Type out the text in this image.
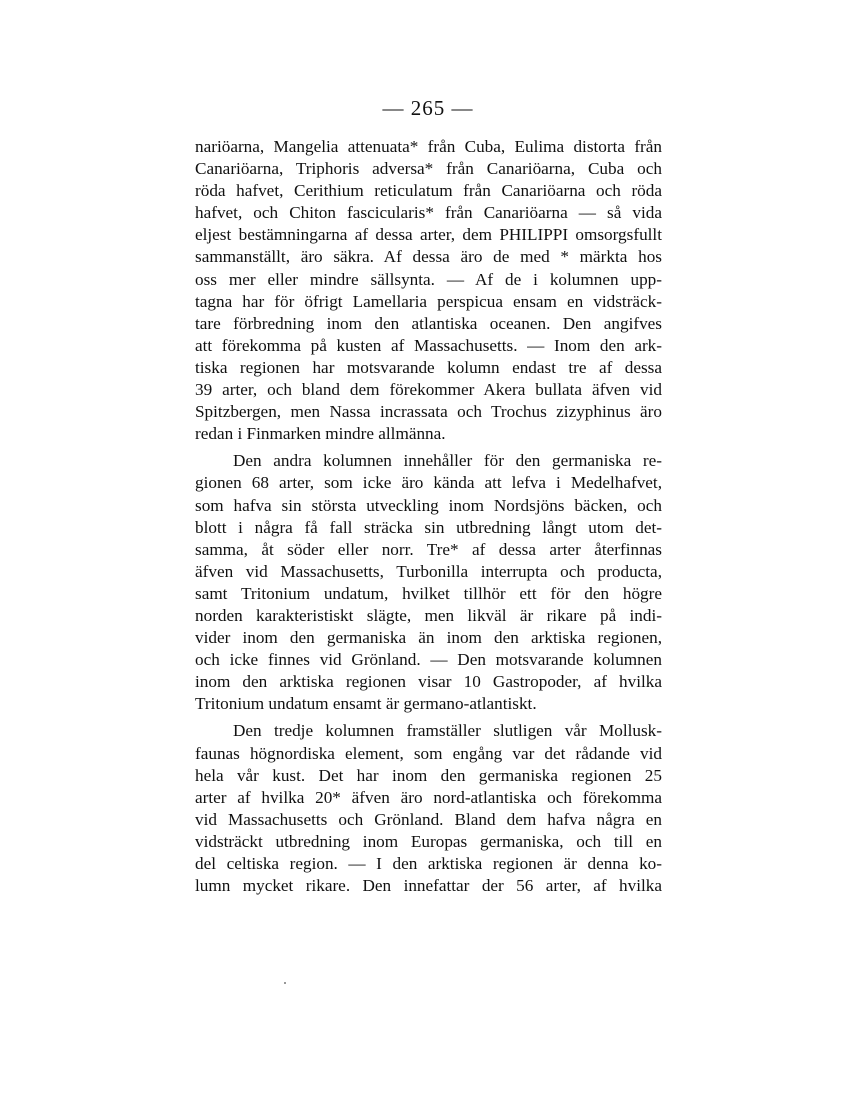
— 265 —
nariöarna, Mangelia attenuata* från Cuba, Eulima distorta från
Canariöarna, Triphoris adversa* från Canariöarna, Cuba och
röda hafvet, Cerithium reticulatum från Canariöarna och röda
hafvet, och Chiton fascicularis* från Canariöarna — så vida
eljest bestämningarna af dessa arter, dem PHILIPPI omsorgsfullt
sammanställt, äro säkra. Af dessa äro de med * märkta hos
oss mer eller mindre sällsynta. — Af de i kolumnen upp-
tagna har för öfrigt Lamellaria perspicua ensam en vidsträck-
tare förbredning inom den atlantiska oceanen. Den angifves
att förekomma på kusten af Massachusetts. — Inom den ark-
tiska regionen har motsvarande kolumn endast tre af dessa
39 arter, och bland dem förekommer Akera bullata äfven vid
Spitzbergen, men Nassa incrassata och Trochus zizyphinus äro
redan i Finmarken mindre allmänna.
Den andra kolumnen innehåller för den germaniska re-
gionen 68 arter, som icke äro kända att lefva i Medelhafvet,
som hafva sin största utveckling inom Nordsjöns bäcken, och
blott i några få fall sträcka sin utbredning långt utom det-
samma, åt söder eller norr. Tre* af dessa arter återfinnas
äfven vid Massachusetts, Turbonilla interrupta och producta,
samt Tritonium undatum, hvilket tillhör ett för den högre
norden karakteristiskt slägte, men likväl är rikare på indi-
vider inom den germaniska än inom den arktiska regionen,
och icke finnes vid Grönland. — Den motsvarande kolumnen
inom den arktiska regionen visar 10 Gastropoder, af hvilka
Tritonium undatum ensamt är germano-atlantiskt.
Den tredje kolumnen framställer slutligen vår Mollusk-
faunas högnordiska element, som engång var det rådande vid
hela vår kust. Det har inom den germaniska regionen 25
arter af hvilka 20* äfven äro nord-atlantiska och förekomma
vid Massachusetts och Grönland. Bland dem hafva några en
vidsträckt utbredning inom Europas germaniska, och till en
del celtiska region. — I den arktiska regionen är denna ko-
lumn mycket rikare. Den innefattar der 56 arter, af hvilka
